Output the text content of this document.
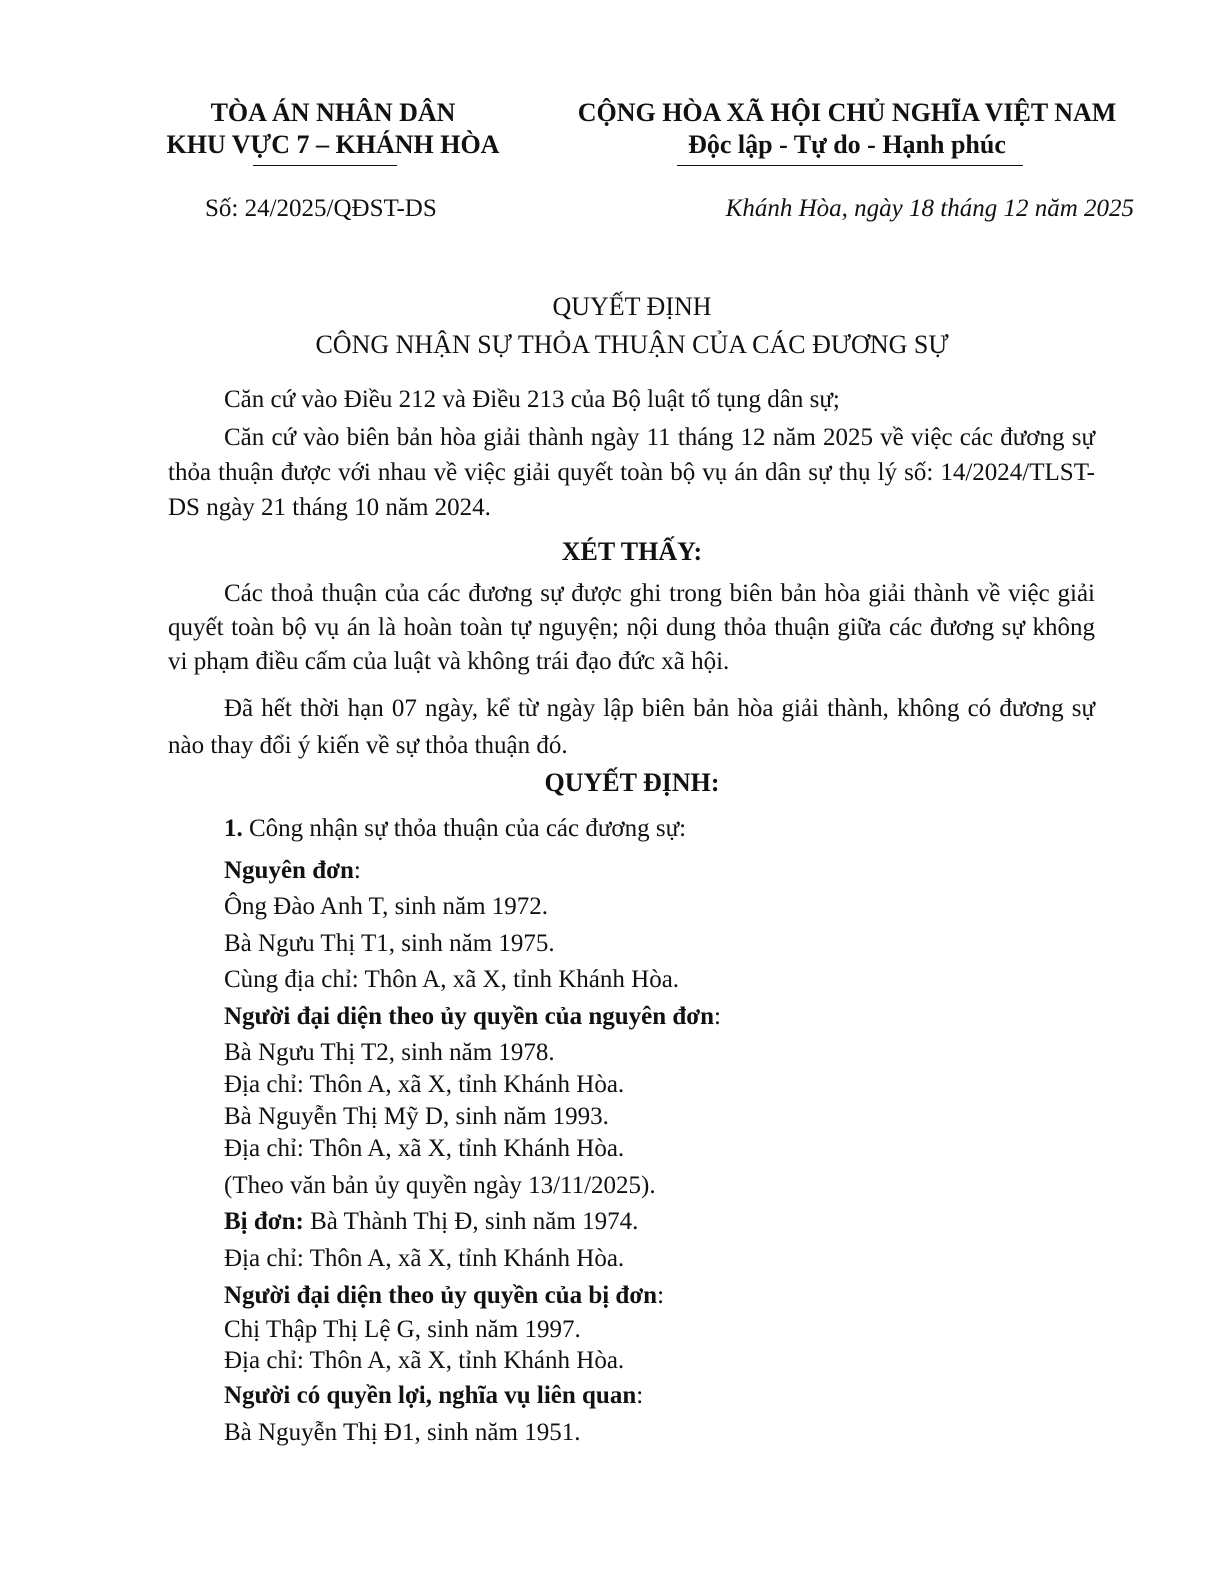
TÒA ÁN NHÂN DÂN
KHU VỰC 7 – KHÁNH HÒA
CỘNG HÒA XÃ HỘI CHỦ NGHĨA VIỆT NAM
Độc lập - Tự do - Hạnh phúc
Số: 24/2025/QĐST-DS	Khánh Hòa, ngày 18 tháng 12 năm 2025
QUYẾT ĐỊNH
CÔNG NHẬN SỰ THỎA THUẬN CỦA CÁC ĐƯƠNG SỰ
Căn cứ vào Điều 212 và Điều 213 của Bộ luật tố tụng dân sự;
Căn cứ vào biên bản hòa giải thành ngày 11 tháng 12 năm 2025 về việc các đương sự thỏa thuận được với nhau về việc giải quyết toàn bộ vụ án dân sự thụ lý số: 14/2024/TLST-DS ngày 21 tháng 10 năm 2024.
XÉT THẤY:
Các thoả thuận của các đương sự được ghi trong biên bản hòa giải thành về việc giải quyết toàn bộ vụ án là hoàn toàn tự nguyện; nội dung thỏa thuận giữa các đương sự không vi phạm điều cấm của luật và không trái đạo đức xã hội.
Đã hết thời hạn 07 ngày, kể từ ngày lập biên bản hòa giải thành, không có đương sự nào thay đổi ý kiến về sự thỏa thuận đó.
QUYẾT ĐỊNH:
1. Công nhận sự thỏa thuận của các đương sự:
Nguyên đơn:
Ông Đào Anh T, sinh năm 1972.
Bà Ngưu Thị T1, sinh năm 1975.
Cùng địa chỉ: Thôn A, xã X, tỉnh Khánh Hòa.
Người đại diện theo ủy quyền của nguyên đơn:
Bà Ngưu Thị T2, sinh năm 1978.
Địa chỉ: Thôn A, xã X, tỉnh Khánh Hòa.
Bà Nguyễn Thị Mỹ D, sinh năm 1993.
Địa chỉ: Thôn A, xã X, tỉnh Khánh Hòa.
(Theo văn bản ủy quyền ngày 13/11/2025).
Bị đơn: Bà Thành Thị Đ, sinh năm 1974.
Địa chỉ: Thôn A, xã X, tỉnh Khánh Hòa.
Người đại diện theo ủy quyền của bị đơn:
Chị Thập Thị Lệ G, sinh năm 1997.
Địa chỉ: Thôn A, xã X, tỉnh Khánh Hòa.
Người có quyền lợi, nghĩa vụ liên quan:
Bà Nguyễn Thị Đ1, sinh năm 1951.
